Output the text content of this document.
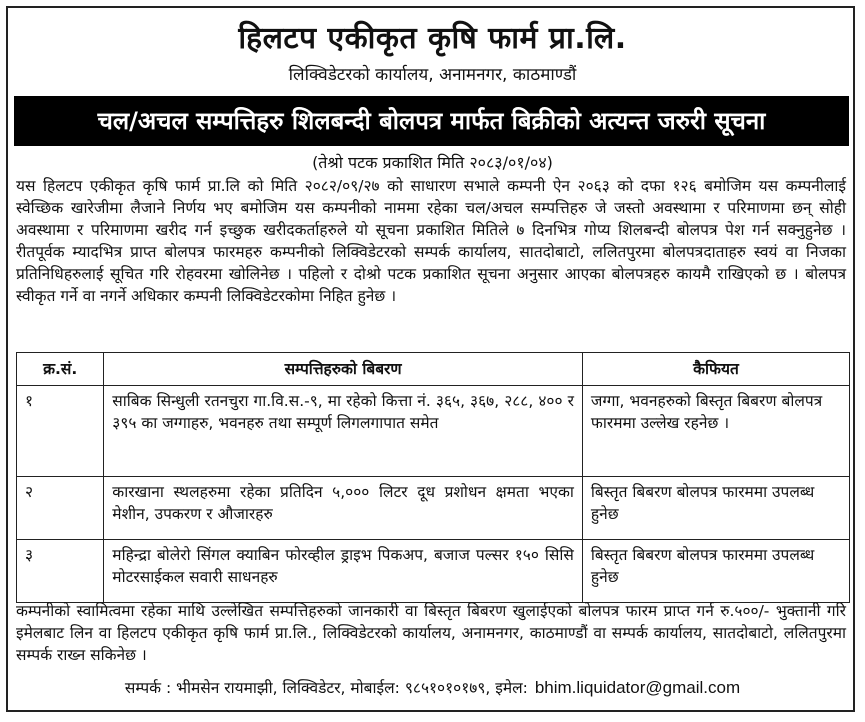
हिलटप एकीकृत कृषि फार्म प्रा.लि.
लिक्विडेटरको कार्यालय, अनामनगर, काठमाण्डौं
चल/अचल सम्पत्तिहरु शिलबन्दी बोलपत्र मार्फत बिक्रीको अत्यन्त जरुरी सूचना
(तेश्रो पटक प्रकाशित मिति २०८३/०१/०४)

यस हिलटप एकीकृत कृषि फार्म प्रा.लि को मिति २०८२/०९/२७ को साधारण सभाले कम्पनी ऐन २०६३ को दफा १२६ बमोजिम यस कम्पनीलाई स्वेच्छिक खारेजीमा लैजाने निर्णय भए बमोजिम यस कम्पनीको नाममा रहेका चल/अचल सम्पत्तिहरु जे जस्तो अवस्थामा र परिमाणमा छन् सोही अवस्थामा र परिमाणमा खरीद गर्न इच्छुक खरीदकर्ताहरुले यो सूचना प्रकाशित मितिले ७ दिनभित्र गोप्य शिलबन्दी बोलपत्र पेश गर्न सक्नुहुनेछ । रीतपूर्वक म्यादभित्र प्राप्त बोलपत्र फारमहरु कम्पनीको लिक्विडेटरको सम्पर्क कार्यालय, सातदोबाटो, ललितपुरमा बोलपत्रदाताहरु स्वयं वा निजका प्रतिनिधिहरुलाई सूचित गरि रोहवरमा खोलिनेछ । पहिलो र दोश्रो पटक प्रकाशित सूचना अनुसार आएका बोलपत्रहरु कायमै राखिएको छ । बोलपत्र स्वीकृत गर्ने वा नगर्ने अधिकार कम्पनी लिक्विडेटरकोमा निहित हुनेछ ।

क्र.सं.	सम्पत्तिहरुको बिबरण	कैफियत
१	साबिक सिन्धुली रतनचुरा गा.वि.स.-९, मा रहेको कित्ता नं. ३६५, ३६७, २८८, ४०० र ३९५ का जग्गाहरु, भवनहरु तथा सम्पूर्ण लिगलगापात समेत	जग्गा, भवनहरुको बिस्तृत बिबरण बोलपत्र फारममा उल्लेख रहनेछ ।
२	कारखाना स्थलहरुमा रहेका प्रतिदिन ५,००० लिटर दूध प्रशोधन क्षमता भएका मेशीन, उपकरण र औजारहरु	बिस्तृत बिबरण बोलपत्र फारममा उपलब्ध हुनेछ
३	महिन्द्रा बोलेरो सिंगल क्याबिन फोरव्हील ड्राइभ पिकअप, बजाज पल्सर १५० सिसि मोटरसाईकल सवारी साधनहरु	बिस्तृत बिबरण बोलपत्र फारममा उपलब्ध हुनेछ

कम्पनीको स्वामित्वमा रहेका माथि उल्लेखित सम्पत्तिहरुको जानकारी वा बिस्तृत बिबरण खुलाईएको बोलपत्र फारम प्राप्त गर्न रु.५००/- भुक्तानी गरि इमेलबाट लिन वा हिलटप एकीकृत कृषि फार्म प्रा.लि., लिक्विडेटरको कार्यालय, अनामनगर, काठमाण्डौं वा सम्पर्क कार्यालय, सातदोबाटो, ललितपुरमा सम्पर्क राख्न सकिनेछ ।

सम्पर्क : भीमसेन रायमाझी, लिक्विडेटर, मोबाईल: ९८५१०१०१७९, इमेल: bhim.liquidator@gmail.com
